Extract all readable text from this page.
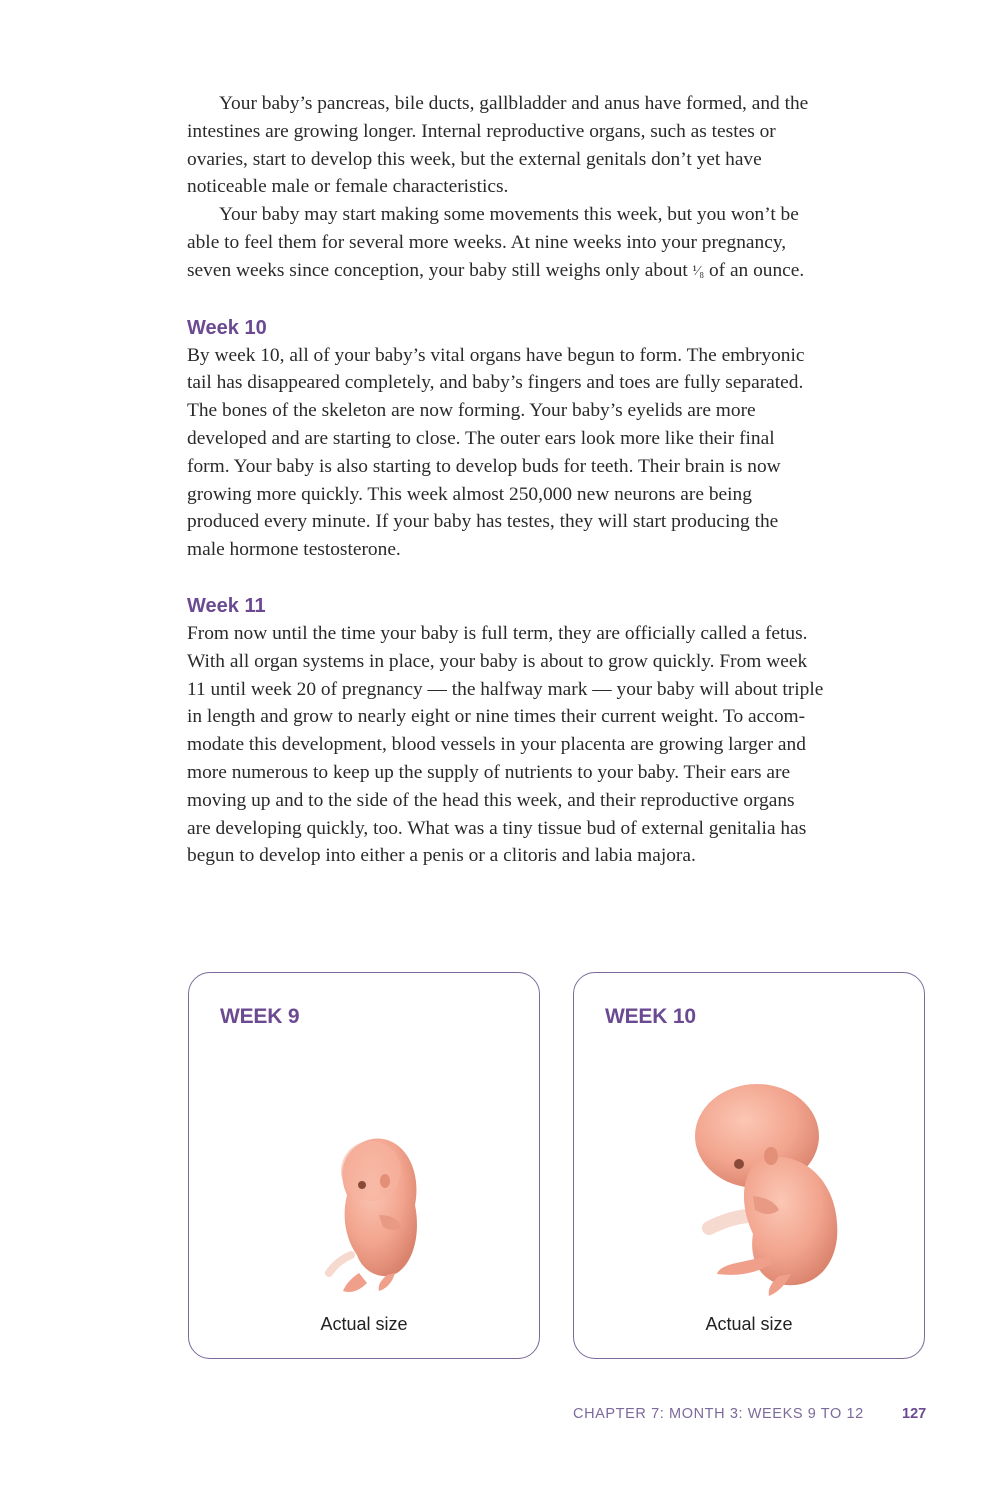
Your baby’s pancreas, bile ducts, gallbladder and anus have formed, and the
intestines are growing longer. Internal reproductive organs, such as testes or
ovaries, start to develop this week, but the external genitals don’t yet have
noticeable male or female characteristics.

Your baby may start making some movements this week, but you won’t be
able to feel them for several more weeks. At nine weeks into your pregnancy,
seven weeks since conception, your baby still weighs only about ¹⁄₈ of an ounce.

Week 10

By week 10, all of your baby’s vital organs have begun to form. The embryonic
tail has disappeared completely, and baby’s fingers and toes are fully separated.
The bones of the skeleton are now forming. Your baby’s eyelids are more
developed and are starting to close. The outer ears look more like their final
form. Your baby is also starting to develop buds for teeth. Their brain is now
growing more quickly. This week almost 250,000 new neurons are being
produced every minute. If your baby has testes, they will start producing the
male hormone testosterone.

Week 11

From now until the time your baby is full term, they are officially called a fetus.
With all organ systems in place, your baby is about to grow quickly. From week
11 until week 20 of pregnancy — the halfway mark — your baby will about triple
in length and grow to nearly eight or nine times their current weight. To accom-
modate this development, blood vessels in your placenta are growing larger and
more numerous to keep up the supply of nutrients to your baby. Their ears are
moving up and to the side of the head this week, and their reproductive organs
are developing quickly, too. What was a tiny tissue bud of external genitalia has
begun to develop into either a penis or a clitoris and labia majora.

WEEK 9
Actual size
WEEK 10
Actual size
CHAPTER 7: MONTH 3: WEEKS 9 TO 12	127
